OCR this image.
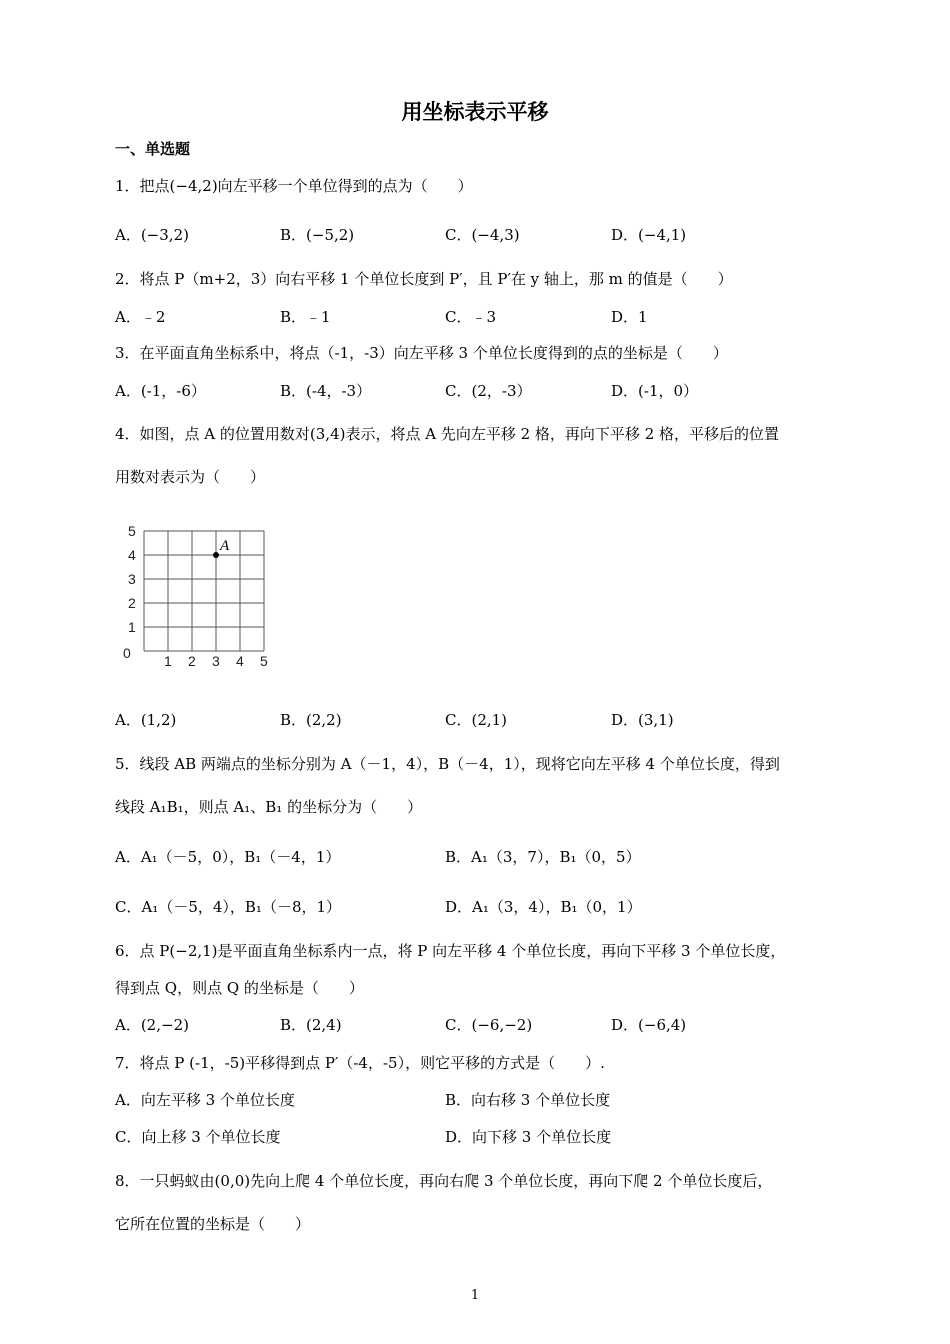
用坐标表示平移
一、单选题
1．把点(−4,2)向左平移一个单位得到的点为（　　）
A．(−3,2)	B．(−5,2)	C．(−4,3)	D．(−4,1)
2．将点 P（m+2，3）向右平移 1 个单位长度到 P′，且 P′在 y 轴上，那 m 的值是（　　）
A．﹣2	B．﹣1	C．﹣3	D．1
3．在平面直角坐标系中，将点（-1，-3）向左平移 3 个单位长度得到的点的坐标是（　　）
A．(-1，-6）	B．(-4，-3）	C．(2，-3）	D．(-1，0）
4．如图，点 A 的位置用数对(3,4)表示，将点 A 先向左平移 2 格，再向下平移 2 格，平移后的位置
用数对表示为（　　）
0 1 2 3 4 5
1
2
3
4
5
A
A．(1,2)	B．(2,2)	C．(2,1)	D．(3,1)
5．线段 AB 两端点的坐标分别为 A（－1，4），B（－4，1），现将它向左平移 4 个单位长度，得到
线段 A₁B₁，则点 A₁、B₁ 的坐标分为（　　）
A．A₁（－5，0），B₁（－4，1）	B．A₁（3，7），B₁（0，5）
C．A₁（－5，4），B₁（－8，1）	D．A₁（3，4），B₁（0，1）
6．点 P(−2,1)是平面直角坐标系内一点，将 P 向左平移 4 个单位长度，再向下平移 3 个单位长度，
得到点 Q，则点 Q 的坐标是（　　）
A．(2,−2)	B．(2,4)	C．(−6,−2)	D．(−6,4)
7．将点 P (-1，-5)平移得到点 P′（-4，-5），则它平移的方式是（　　）.
A．向左平移 3 个单位长度	B．向右移 3 个单位长度
C．向上移 3 个单位长度	D．向下移 3 个单位长度
8．一只蚂蚁由(0,0)先向上爬 4 个单位长度，再向右爬 3 个单位长度，再向下爬 2 个单位长度后，
它所在位置的坐标是（　　）
1
